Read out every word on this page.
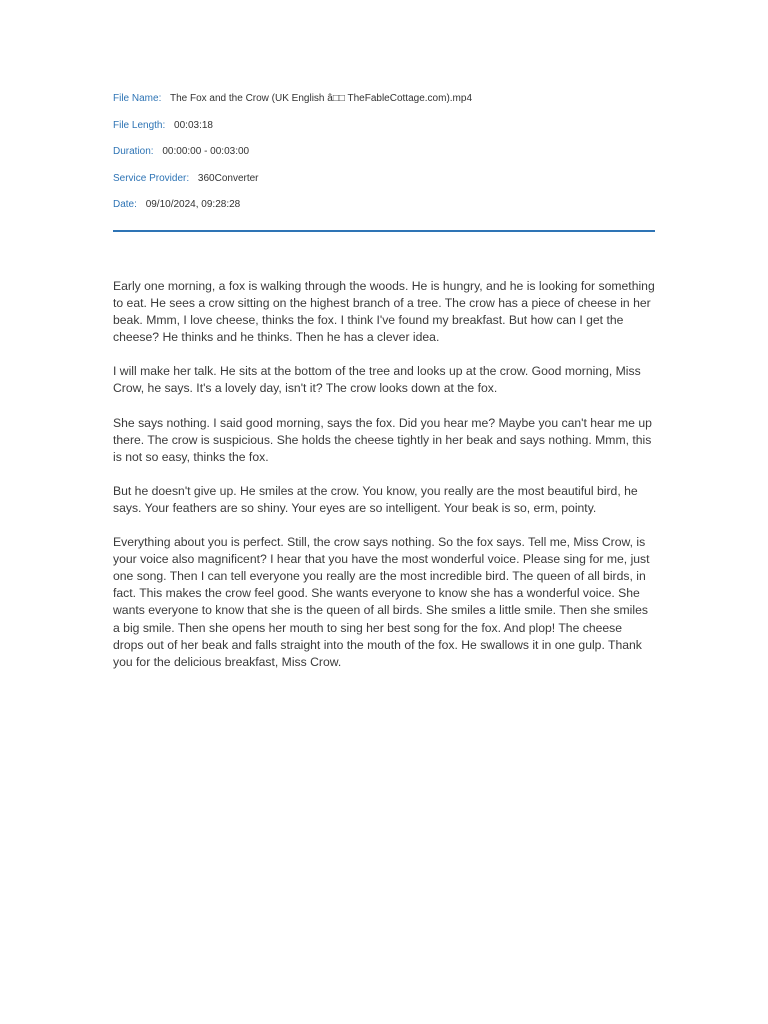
File Name: The Fox and the Crow (UK English â□□ TheFableCottage.com).mp4
File Length: 00:03:18
Duration: 00:00:00 - 00:03:00
Service Provider: 360Converter
Date: 09/10/2024, 09:28:28

Early one morning, a fox is walking through the woods. He is hungry, and he is looking for something to eat. He sees a crow sitting on the highest branch of a tree. The crow has a piece of cheese in her beak. Mmm, I love cheese, thinks the fox. I think I've found my breakfast. But how can I get the cheese? He thinks and he thinks. Then he has a clever idea.

I will make her talk. He sits at the bottom of the tree and looks up at the crow. Good morning, Miss Crow, he says. It's a lovely day, isn't it? The crow looks down at the fox.

She says nothing. I said good morning, says the fox. Did you hear me? Maybe you can't hear me up there. The crow is suspicious. She holds the cheese tightly in her beak and says nothing. Mmm, this is not so easy, thinks the fox.

But he doesn't give up. He smiles at the crow. You know, you really are the most beautiful bird, he says. Your feathers are so shiny. Your eyes are so intelligent. Your beak is so, erm, pointy.

Everything about you is perfect. Still, the crow says nothing. So the fox says. Tell me, Miss Crow, is your voice also magnificent? I hear that you have the most wonderful voice. Please sing for me, just one song. Then I can tell everyone you really are the most incredible bird. The queen of all birds, in fact. This makes the crow feel good. She wants everyone to know she has a wonderful voice. She wants everyone to know that she is the queen of all birds. She smiles a little smile. Then she smiles a big smile. Then she opens her mouth to sing her best song for the fox. And plop! The cheese drops out of her beak and falls straight into the mouth of the fox. He swallows it in one gulp. Thank you for the delicious breakfast, Miss Crow.
